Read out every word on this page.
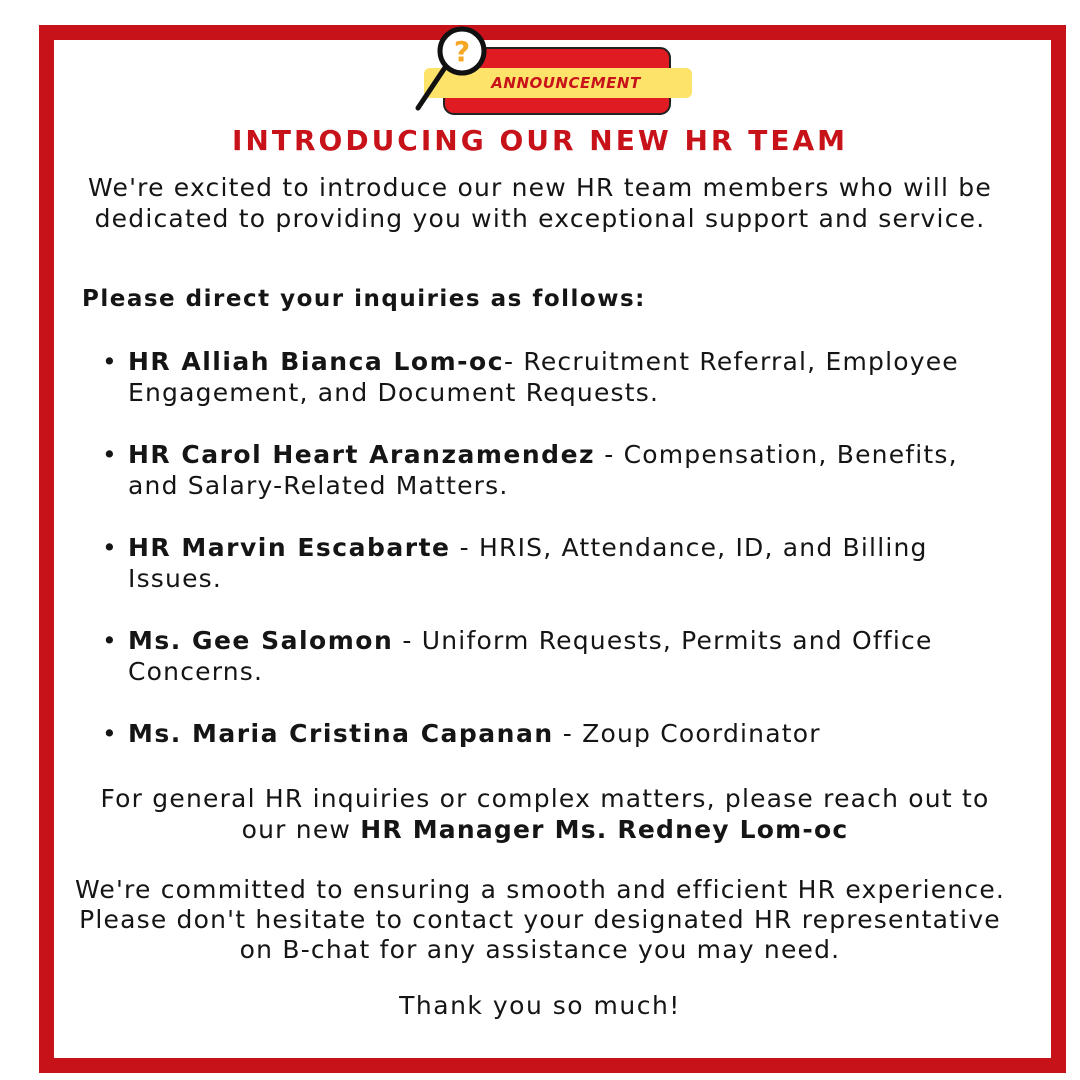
?
ANNOUNCEMENT
INTRODUCING OUR NEW HR TEAM
We're excited to introduce our new HR team members who will be dedicated to providing you with exceptional support and service.
Please direct your inquiries as follows:
• HR Alliah Bianca Lom-oc- Recruitment Referral, Employee Engagement, and Document Requests.
• HR Carol Heart Aranzamendez - Compensation, Benefits, and Salary-Related Matters.
• HR Marvin Escabarte - HRIS, Attendance, ID, and Billing Issues.
• Ms. Gee Salomon - Uniform Requests, Permits and Office Concerns.
• Ms. Maria Cristina Capanan - Zoup Coordinator
For general HR inquiries or complex matters, please reach out to our new HR Manager Ms. Redney Lom-oc
We're committed to ensuring a smooth and efficient HR experience. Please don't hesitate to contact your designated HR representative on B-chat for any assistance you may need.
Thank you so much!
